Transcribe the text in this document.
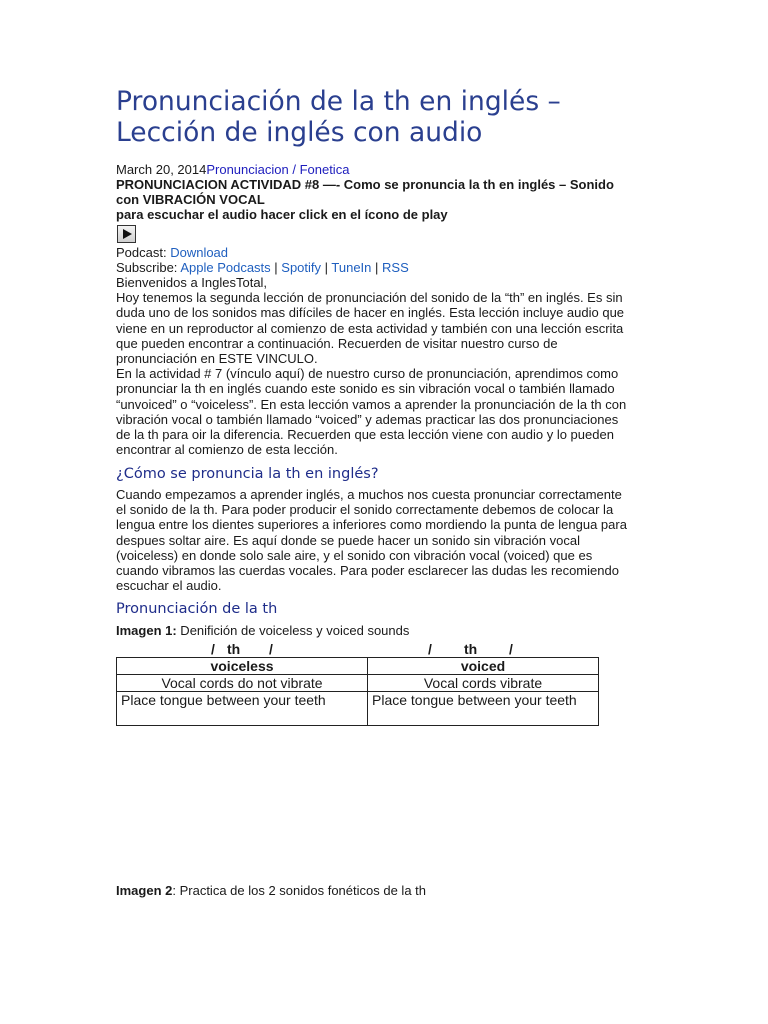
Pronunciación de la th en inglés –
Lección de inglés con audio
March 20, 2014Pronunciacion / Fonetica
PRONUNCIACION ACTIVIDAD #8 —- Como se pronuncia la th en inglés – Sonido
con VIBRACIÓN VOCAL
para escuchar el audio hacer click en el ícono de play
Podcast: Download
Subscribe: Apple Podcasts | Spotify | TuneIn | RSS
Bienvenidos a InglesTotal,
Hoy tenemos la segunda lección de pronunciación del sonido de la “th” en inglés. Es sin
duda uno de los sonidos mas difíciles de hacer en inglés. Esta lección incluye audio que
viene en un reproductor al comienzo de esta actividad y también con una lección escrita
que pueden encontrar a continuación. Recuerden de visitar nuestro curso de
pronunciación en ESTE VINCULO.
En la actividad # 7 (vínculo aquí) de nuestro curso de pronunciación, aprendimos como
pronunciar la th en inglés cuando este sonido es sin vibración vocal o también llamado
“unvoiced” o “voiceless”. En esta lección vamos a aprender la pronunciación de la th con
vibración vocal o también llamado “voiced” y ademas practicar las dos pronunciaciones
de la th para oir la diferencia. Recuerden que esta lección viene con audio y lo pueden
encontrar al comienzo de esta lección.
¿Cómo se pronuncia la th en inglés?
Cuando empezamos a aprender inglés, a muchos nos cuesta pronunciar correctamente
el sonido de la th. Para poder producir el sonido correctamente debemos de colocar la
lengua entre los dientes superiores a inferiores como mordiendo la punta de lengua para
despues soltar aire. Es aquí donde se puede hacer un sonido sin vibración vocal
(voiceless) en donde solo sale aire, y el sonido con vibración vocal (voiced) que es
cuando vibramos las cuerdas vocales. Para poder esclarecer las dudas les recomiendo
escuchar el audio.
Pronunciación de la th
Imagen 1: Denifición de voiceless y voiced sounds
/ th /	/ th /
voiceless	voiced
Vocal cords do not vibrate	Vocal cords vibrate
Place tongue between your teeth	Place tongue between your teeth
Imagen 2: Practica de los 2 sonidos fonéticos de la th
